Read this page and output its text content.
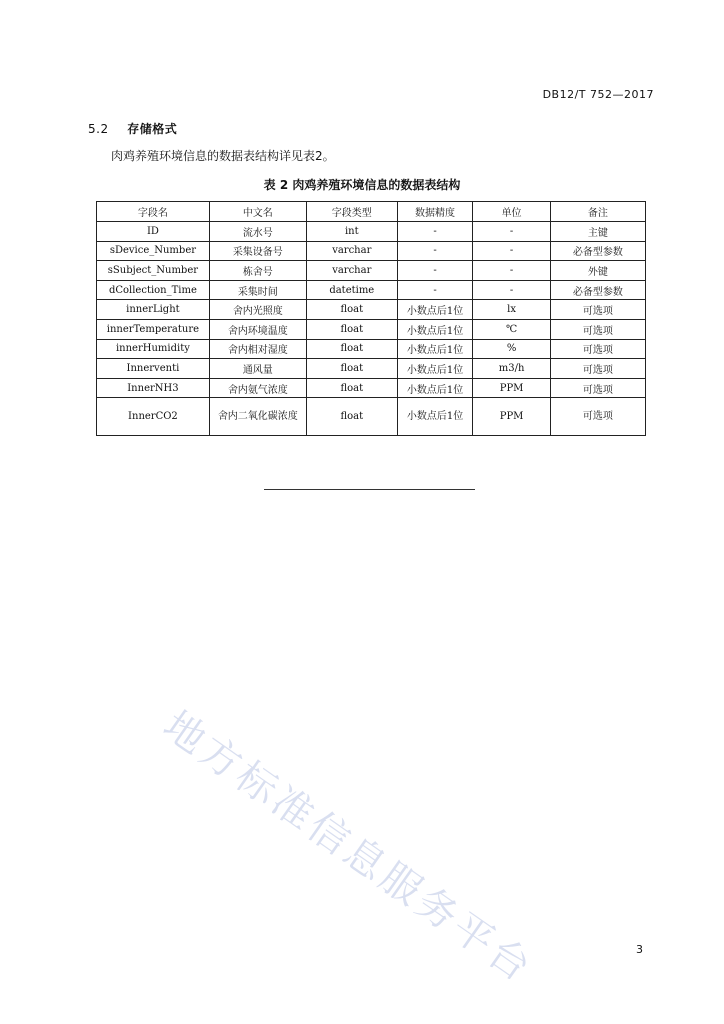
DB12/T 752—2017
5.2 存储格式
肉鸡养殖环境信息的数据表结构详见表2。
表 2 肉鸡养殖环境信息的数据表结构
字段名	中文名	字段类型	数据精度	单位	备注
ID	流水号	int	-	-	主键
sDevice_Number	采集设备号	varchar	-	-	必备型参数
sSubject_Number	栋舍号	varchar	-	-	外键
dCollection_Time	采集时间	datetime	-	-	必备型参数
innerLight	舍内光照度	float	小数点后1位	lx	可选项
innerTemperature	舍内环境温度	float	小数点后1位	℃	可选项
innerHumidity	舍内相对湿度	float	小数点后1位	%	可选项
Innerventi	通风量	float	小数点后1位	m3/h	可选项
InnerNH3	舍内氨气浓度	float	小数点后1位	PPM	可选项
InnerCO2	舍内二氧化碳浓度	float	小数点后1位	PPM	可选项
地方标准信息服务平台	3
